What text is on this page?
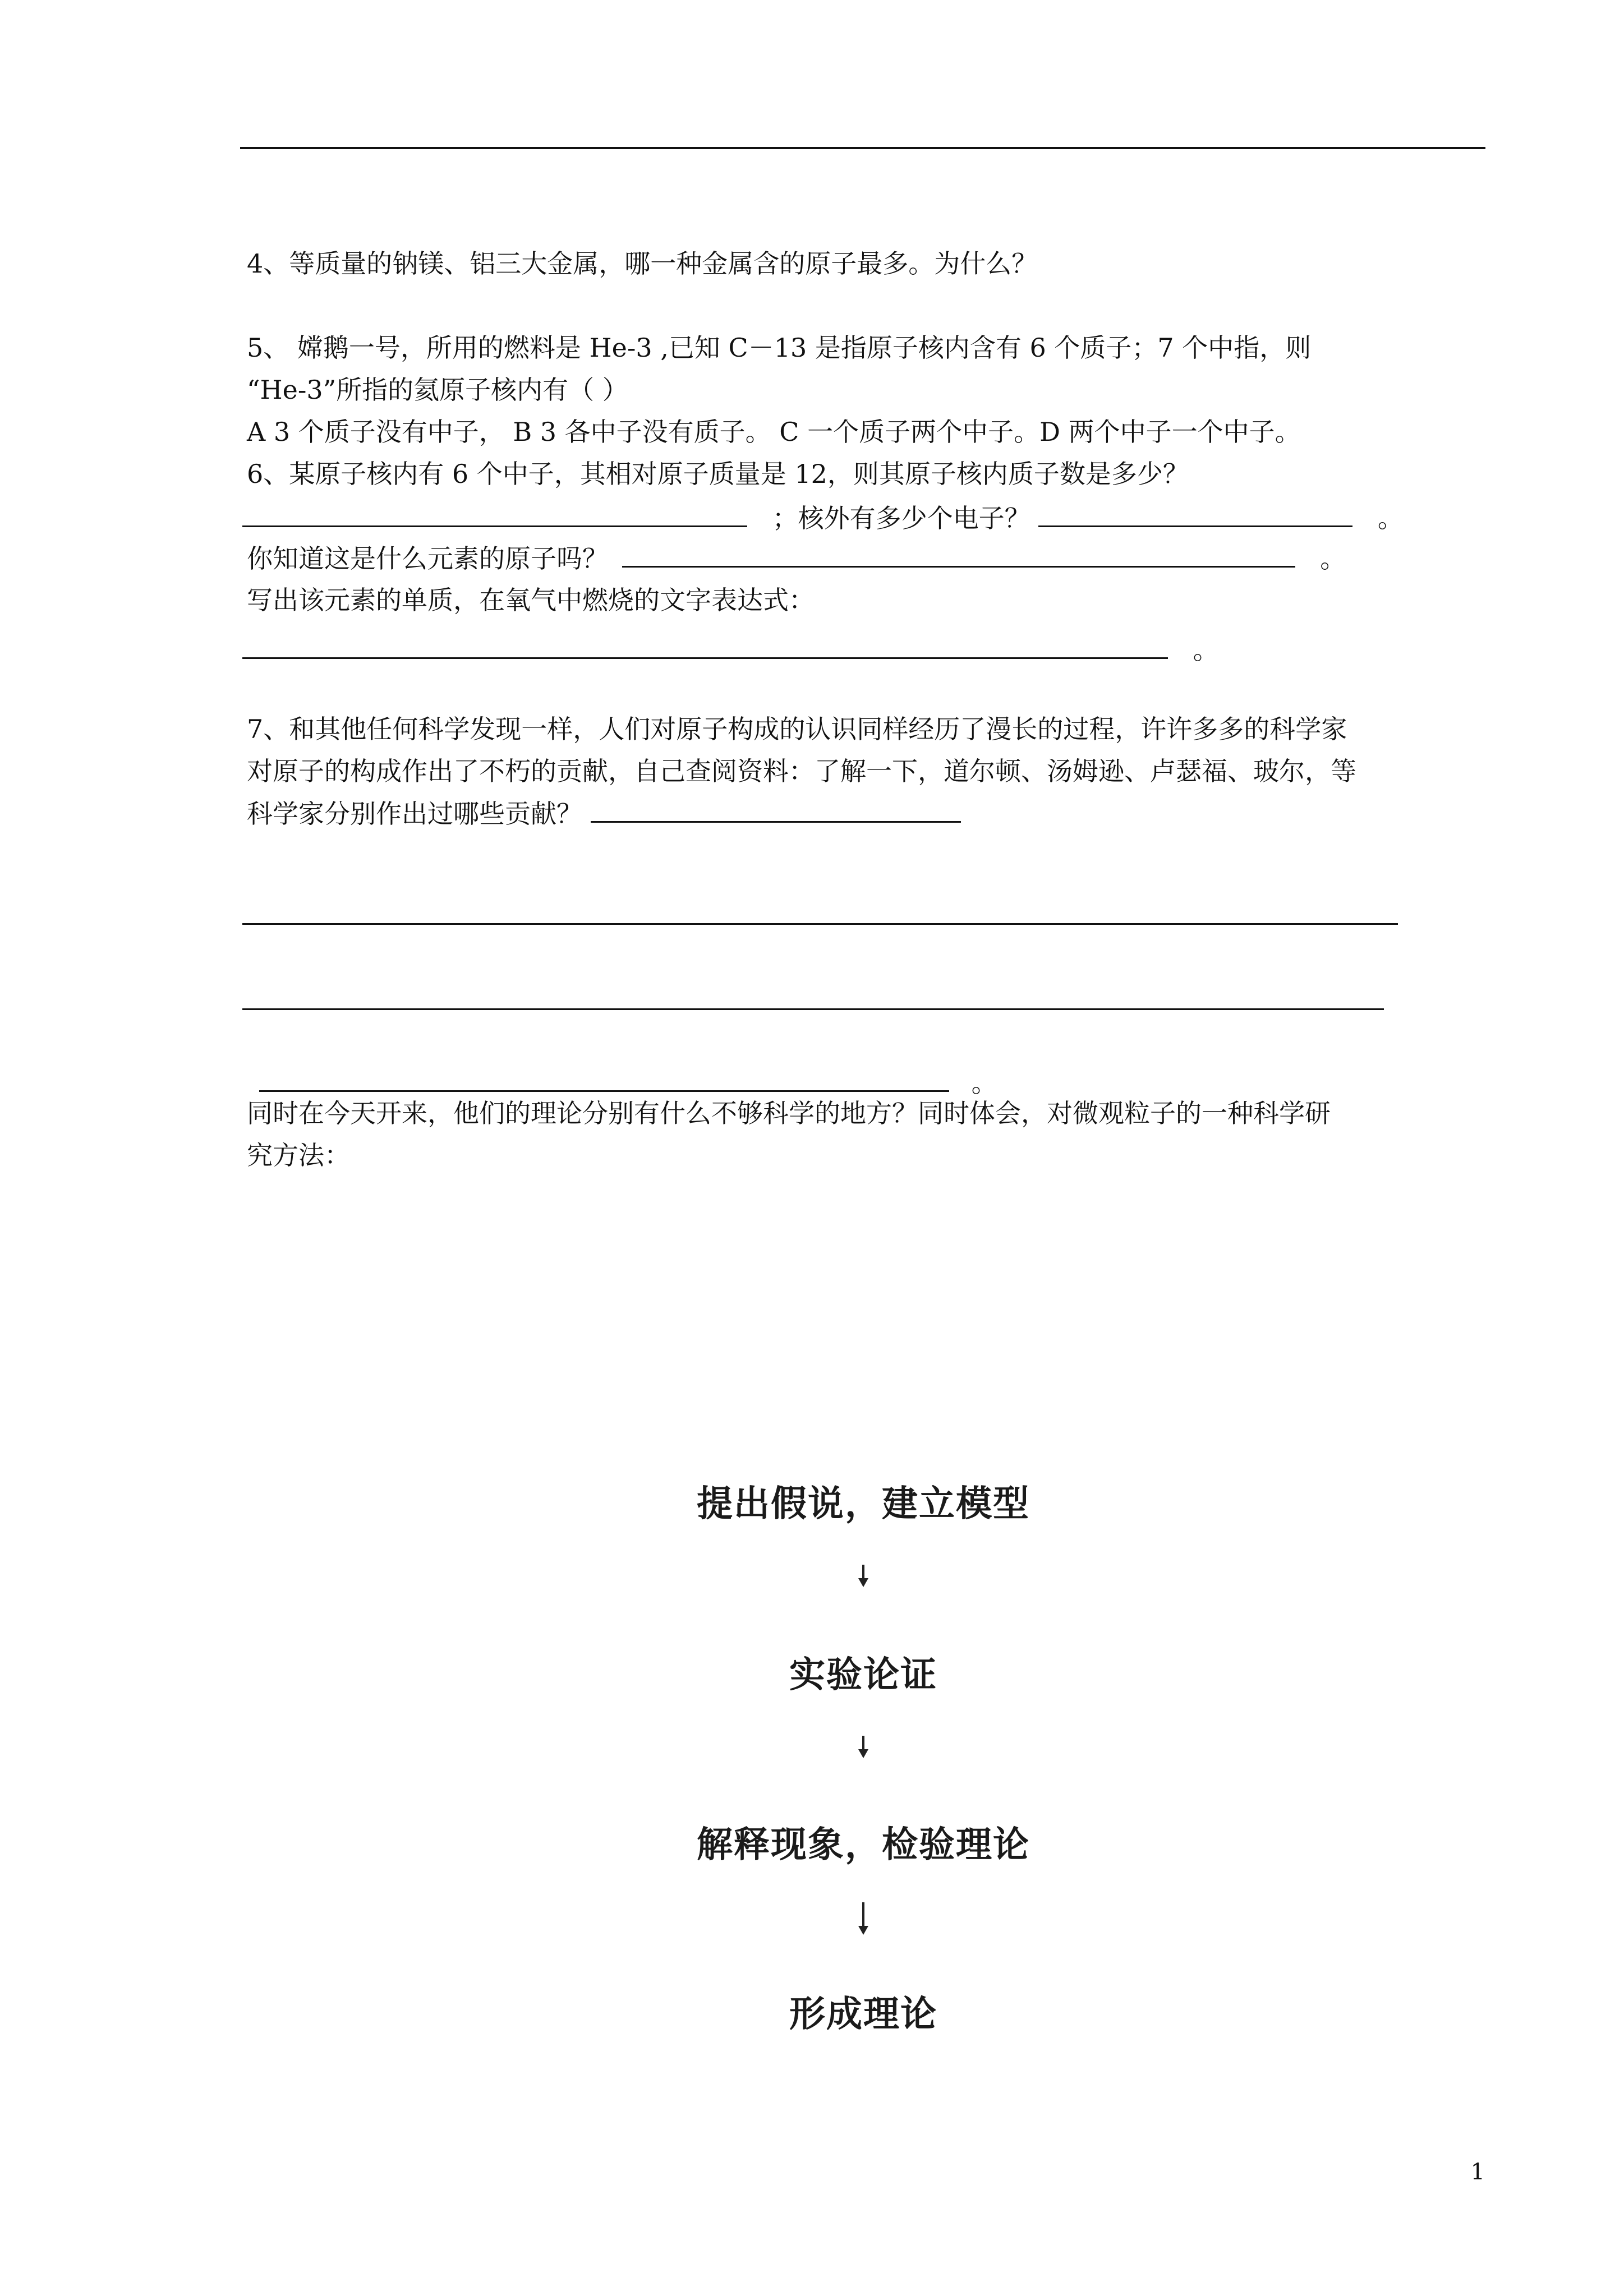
4、等质量的钠镁、铝三大金属，哪一种金属含的原子最多。为什么？
5、 嫦鹅一号，所用的燃料是 He-3 ,已知 C－13 是指原子核内含有 6 个质子；7 个中指，则
“He-3”所指的氦原子核内有（ ）
A 3 个质子没有中子， B 3 各中子没有质子。 C 一个质子两个中子。D 两个中子一个中子。
6、某原子核内有 6 个中子，其相对原子质量是 12，则其原子核内质子数是多少？
；核外有多少个电子？	。
你知道这是什么元素的原子吗？	。
写出该元素的单质，在氧气中燃烧的文字表达式：
。
7、和其他任何科学发现一样，人们对原子构成的认识同样经历了漫长的过程，许许多多的科学家
对原子的构成作出了不朽的贡献，自己查阅资料：了解一下，道尔顿、汤姆逊、卢瑟福、玻尔，等
科学家分别作出过哪些贡献？
。
同时在今天开来，他们的理论分别有什么不够科学的地方？同时体会，对微观粒子的一种科学研
究方法：
提出假说，建立模型
实验论证
解释现象，检验理论
形成理论
1
